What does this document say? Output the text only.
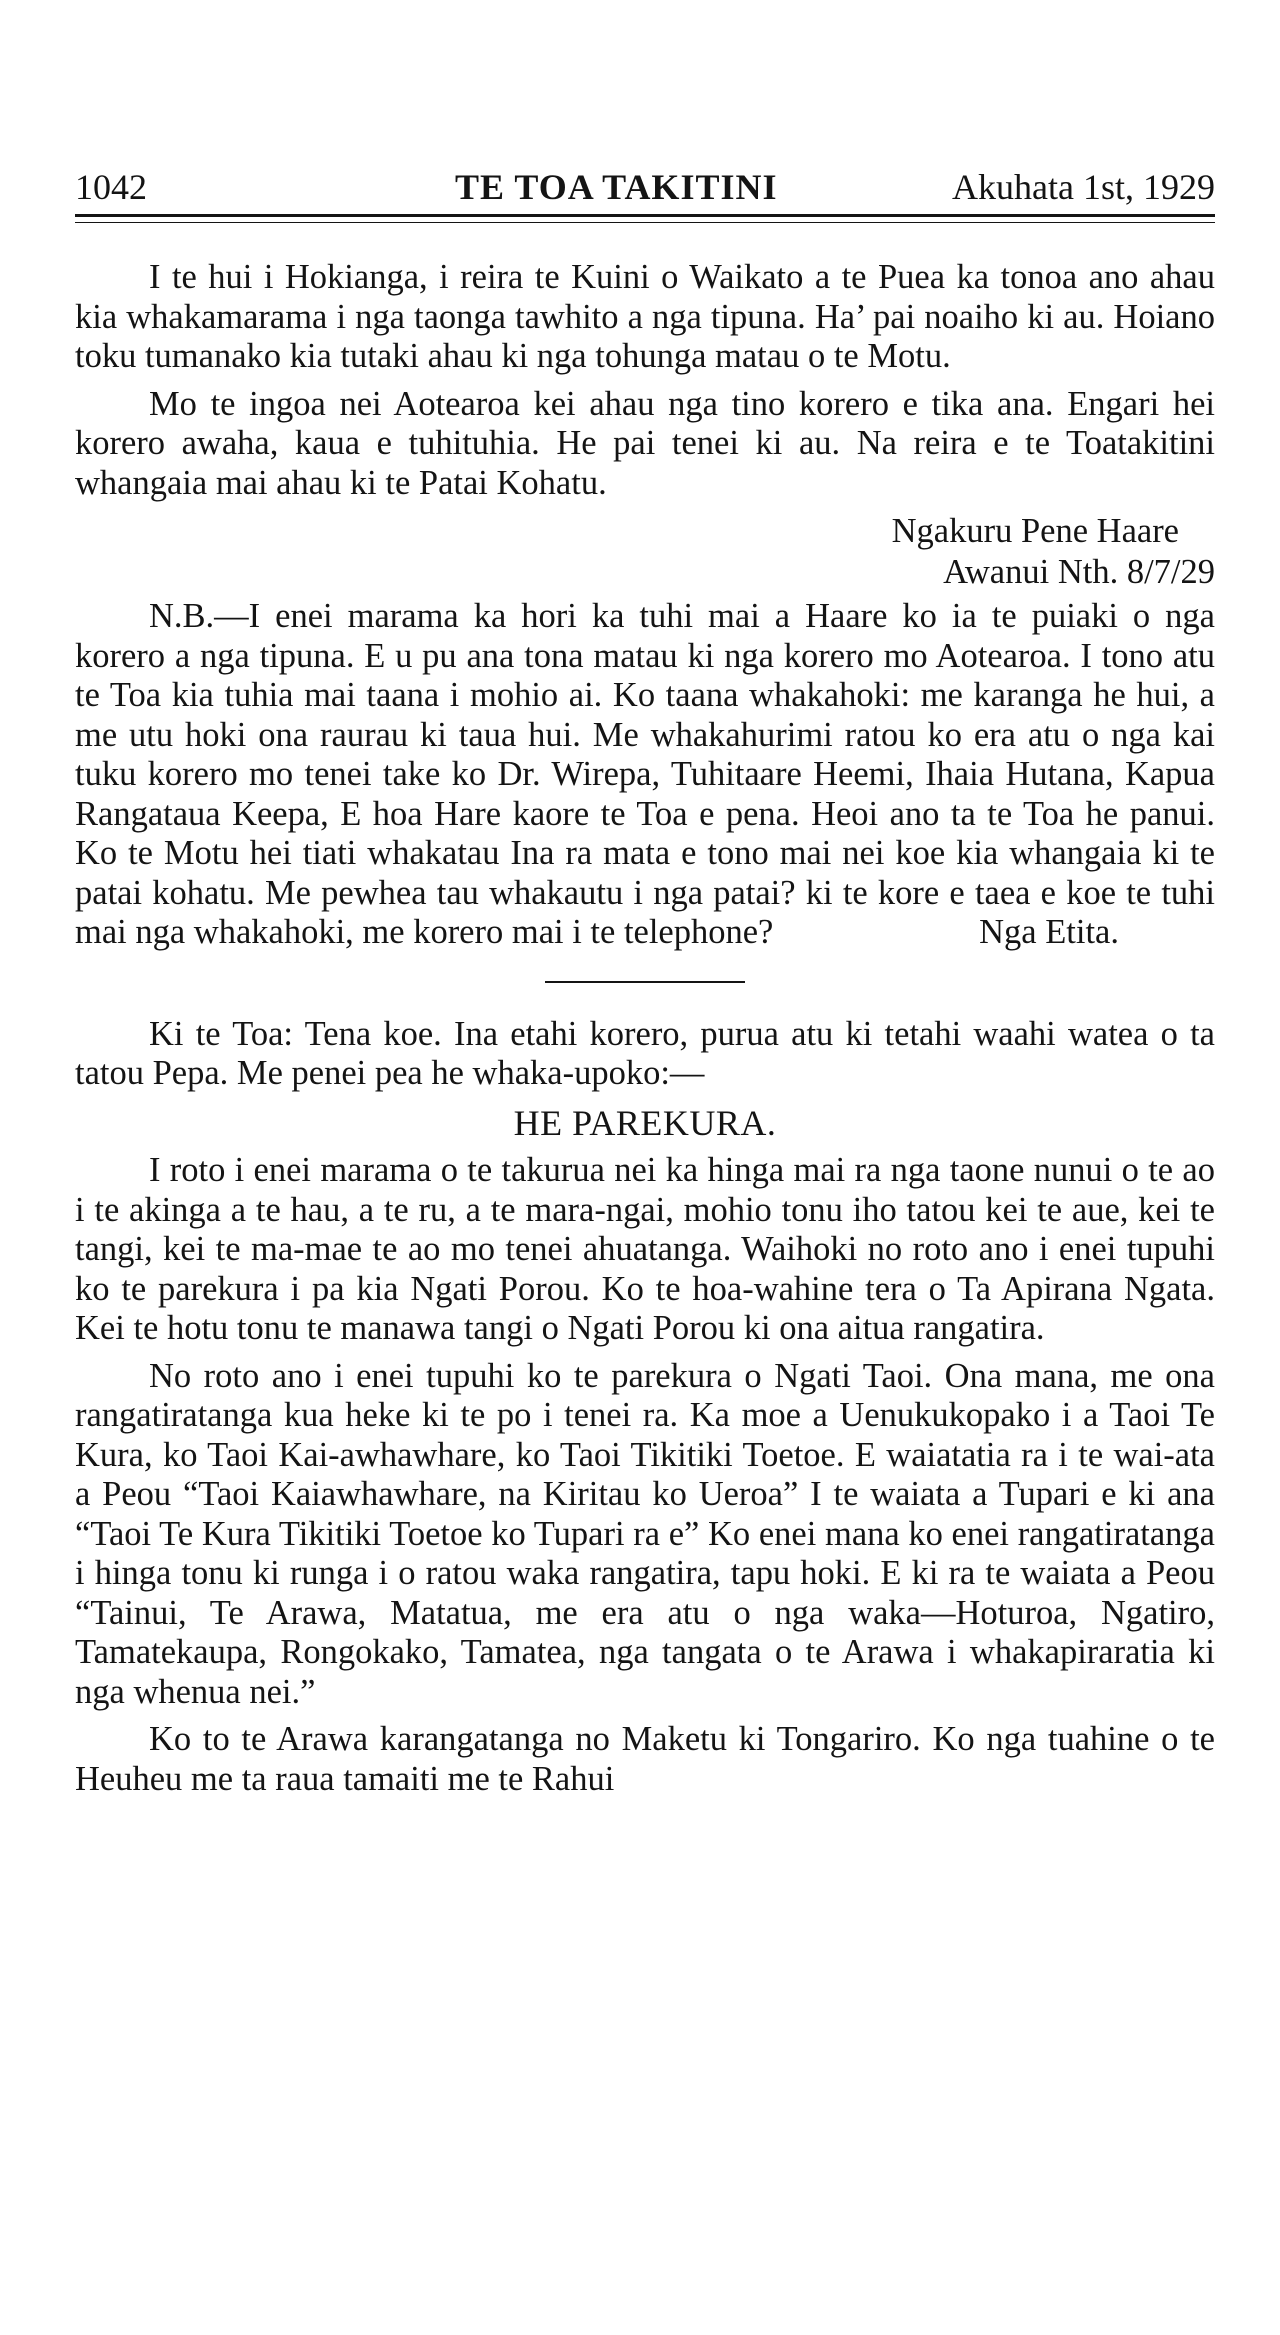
1042	TE TOA TAKITINI	Akuhata 1st, 1929

I te hui i Hokianga, i reira te Kuini o Waikato a te Puea ka tonoa ano ahau kia whakamarama i nga taonga tawhito a nga tipuna. Ha’ pai noaiho ki au. Hoiano toku tumanako kia tutaki ahau ki nga tohunga matau o te Motu.

Mo te ingoa nei Aotearoa kei ahau nga tino korero e tika ana. Engari hei korero awaha, kaua e tuhituhia. He pai tenei ki au. Na reira e te Toatakitini whangaia mai ahau ki te Patai Kohatu.

Ngakuru Pene Haare
Awanui Nth. 8/7/29

N.B.—I enei marama ka hori ka tuhi mai a Haare ko ia te puiaki o nga korero a nga tipuna. E u pu ana tona matau ki nga korero mo Aotearoa. I tono atu te Toa kia tuhia mai taana i mohio ai. Ko taana whakahoki: me karanga he hui, a me utu hoki ona raurau ki taua hui. Me whakahurimi ratou ko era atu o nga kai tuku korero mo tenei take ko Dr. Wirepa, Tuhitaare Heemi, Ihaia Hutana, Kapua Rangataua Keepa, E hoa Hare kaore te Toa e pena. Heoi ano ta te Toa he panui. Ko te Motu hei tiati whakatau Ina ra mata e tono mai nei koe kia whangaia ki te patai kohatu. Me pewhea tau whakautu i nga patai? ki te kore e taea e koe te tuhi mai nga whakahoki, me korero mai i te telephone?	Nga Etita.

Ki te Toa: Tena koe. Ina etahi korero, purua atu ki tetahi waahi watea o ta tatou Pepa. Me penei pea he whaka-upoko:—

HE PAREKURA.

I roto i enei marama o te takurua nei ka hinga mai ra nga taone nunui o te ao i te akinga a te hau, a te ru, a te mara-ngai, mohio tonu iho tatou kei te aue, kei te tangi, kei te ma-mae te ao mo tenei ahuatanga. Waihoki no roto ano i enei tupuhi ko te parekura i pa kia Ngati Porou. Ko te hoa-wahine tera o Ta Apirana Ngata. Kei te hotu tonu te manawa tangi o Ngati Porou ki ona aitua rangatira.

No roto ano i enei tupuhi ko te parekura o Ngati Taoi. Ona mana, me ona rangatiratanga kua heke ki te po i tenei ra. Ka moe a Uenukukopako i a Taoi Te Kura, ko Taoi Kai-awhawhare, ko Taoi Tikitiki Toetoe. E waiatatia ra i te wai-ata a Peou “Taoi Kaiawhawhare, na Kiritau ko Ueroa” I te waiata a Tupari e ki ana “Taoi Te Kura Tikitiki Toetoe ko Tupari ra e” Ko enei mana ko enei rangatiratanga i hinga tonu ki runga i o ratou waka rangatira, tapu hoki. E ki ra te waiata a Peou “Tainui, Te Arawa, Matatua, me era atu o nga waka—Hoturoa, Ngatiro, Tamatekaupa, Rongokako, Tamatea, nga tangata o te Arawa i whakapiraratia ki nga whenua nei.”

Ko to te Arawa karangatanga no Maketu ki Tongariro. Ko nga tuahine o te Heuheu me ta raua tamaiti me te Rahui
